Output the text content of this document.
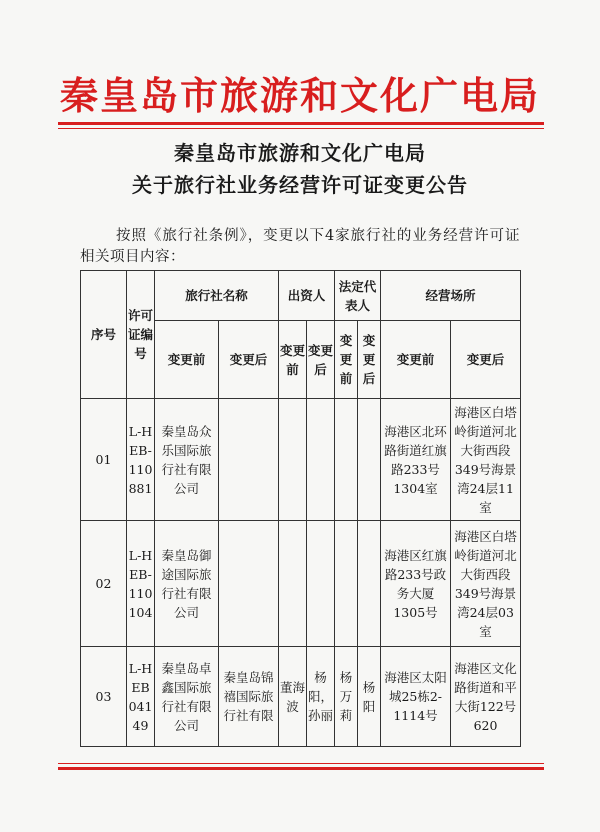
秦皇岛市旅游和文化广电局
秦皇岛市旅游和文化广电局
关于旅行社业务经营许可证变更公告
按照《旅行社条例》，变更以下4家旅行社的业务经营许可证相关项目内容：
序号	许可证编号	旅行社名称		出资人		法定代表人		经营场所	
		变更前	变更后	变更前	变更后	变更前	变更后	变更前	变更后
01	L-HEB-110881	秦皇岛众乐国际旅行社有限公司						海港区北环路街道红旗路233号1304室	海港区白塔岭街道河北大街西段349号海景湾24层11室
02	L-HEB-110104	秦皇岛御途国际旅行社有限公司						海港区红旗路233号政务大厦1305号	海港区白塔岭街道河北大街西段349号海景湾24层03室
03	L-HEB04149	秦皇岛卓鑫国际旅行社有限公司	秦皇岛锦禧国际旅行社有限	董海波	杨阳，孙丽	杨万莉	杨阳	海港区太阳城25栋2-1114号	海港区文化路街道和平大街122号620
